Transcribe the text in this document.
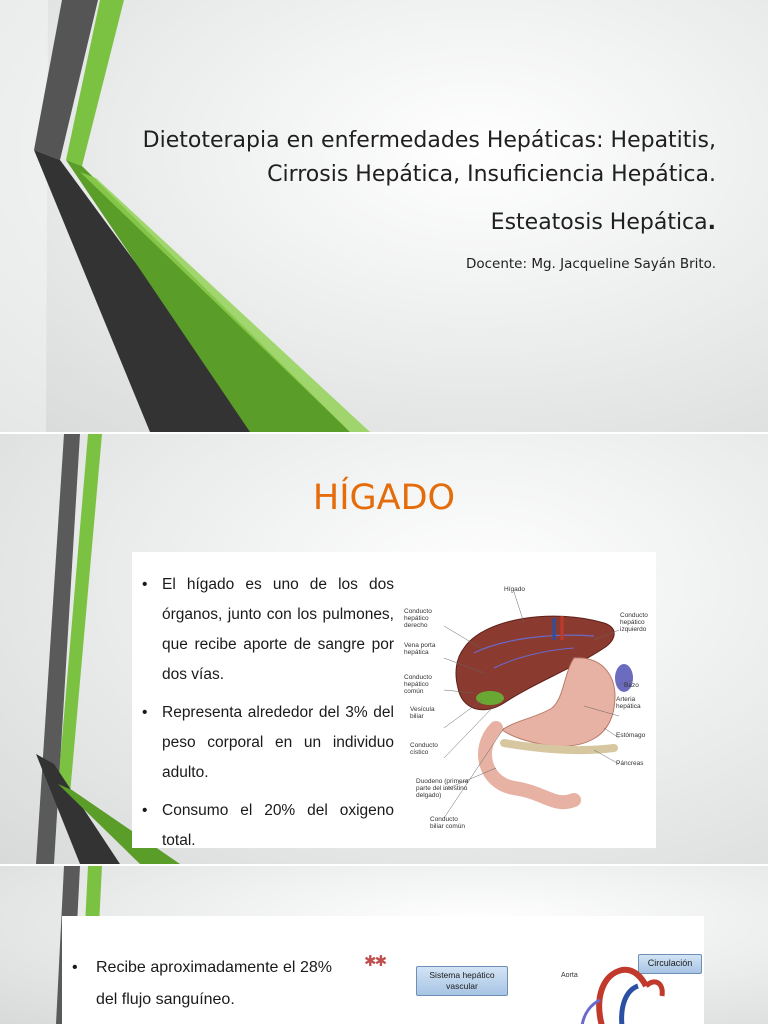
Dietoterapia en enfermedades Hepáticas: Hepatitis,
Cirrosis Hepática, Insuficiencia Hepática.

Esteatosis Hepática.

Docente: Mg. Jacqueline Sayán Brito.

HÍGADO
• El hígado es uno de los dos órganos, junto con los pulmones, que recibe aporte de sangre por dos vías.
• Representa alrededor del 3% del peso corporal en un individuo adulto.
• Consumo el 20% del oxigeno total.
Hígado
Conducto hepático derecho
Conducto hepático izquierdo
Vena porta hepática
Bazo
Conducto hepático común
Arteria hepática
Vesícula biliar
Estómago
Conducto cístico
Páncreas
Duodeno (primera parte del intestino delgado)
Conducto biliar común
• Recibe aproximadamente el 28% del flujo sanguíneo.
✱✱
Sistema hepático vascular
Circulación
Aorta
